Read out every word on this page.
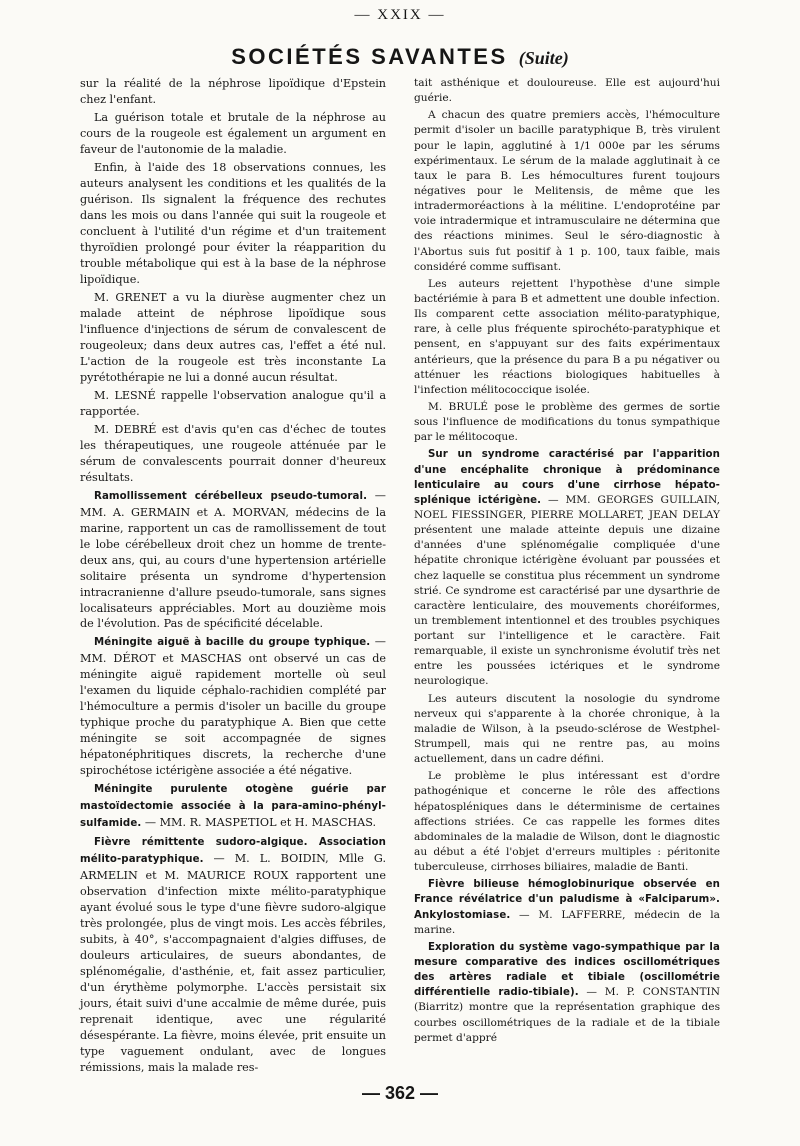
— XXIX —
SOCIÉTÉS SAVANTES (Suite)

sur la réalité de la néphrose lipoïdique d'Epstein chez l'enfant.

La guérison totale et brutale de la néphrose au cours de la rougeole est également un argument en faveur de l'autonomie de la maladie.

Enfin, à l'aide des 18 observations connues, les auteurs analysent les conditions et les qualités de la guérison. Ils signalent la fréquence des rechutes dans les mois ou dans l'année qui suit la rougeole et concluent à l'utilité d'un régime et d'un traitement thyroïdien prolongé pour éviter la réapparition du trouble métabolique qui est à la base de la néphrose lipoïdique.

M. GRENET a vu la diurèse augmenter chez un malade atteint de néphrose lipoïdique sous l'influence d'injections de sérum de convalescent de rougeoleux; dans deux autres cas, l'effet a été nul. L'action de la rougeole est très inconstante La pyrétothérapie ne lui a donné aucun résultat.

M. LESNÉ rappelle l'observation analogue qu'il a rapportée.

M. DEBRÉ est d'avis qu'en cas d'échec de toutes les thérapeutiques, une rougeole atténuée par le sérum de convalescents pourrait donner d'heureux résultats.

Ramollissement cérébelleux pseudo-tumoral. — MM. A. GERMAIN et A. MORVAN, médecins de la marine, rapportent un cas de ramollissement de tout le lobe cérébelleux droit chez un homme de trente-deux ans, qui, au cours d'une hypertension artérielle solitaire présenta un syndrome d'hypertension intracranienne d'allure pseudo-tumorale, sans signes localisateurs appréciables. Mort au douzième mois de l'évolution. Pas de spécificité décelable.

Méningite aiguë à bacille du groupe typhique. — MM. DÉROT et MASCHAS ont observé un cas de méningite aiguë rapidement mortelle où seul l'examen du liquide céphalo-rachidien complété par l'hémoculture a permis d'isoler un bacille du groupe typhique proche du paratyphique A. Bien que cette méningite se soit accompagnée de signes hépatonéphritiques discrets, la recherche d'une spirochétose ictérigène associée a été négative.

Méningite purulente otogène guérie par mastoïdectomie associée à la para-amino-phényl-sulfamide. — MM. R. MASPETIOL et H. MASCHAS.

Fièvre rémittente sudoro-algique. Association mélito-paratyphique. — M. L. BOIDIN, Mlle G. ARMELIN et M. MAURICE ROUX rapportent une observation d'infection mixte mélito-paratyphique ayant évolué sous le type d'une fièvre sudoro-algique très prolongée, plus de vingt mois. Les accès fébriles, subits, à 40°, s'accompagnaient d'algies diffuses, de douleurs articulaires, de sueurs abondantes, de splénomégalie, d'asthénie, et, fait assez particulier, d'un érythème polymorphe. L'accès persistait six jours, était suivi d'une accalmie de même durée, puis reprenait identique, avec une régularité désespérante. La fièvre, moins élevée, prit ensuite un type vaguement ondulant, avec de longues rémissions, mais la malade res-

tait asthénique et douloureuse. Elle est aujourd'hui guérie.

A chacun des quatre premiers accès, l'hémoculture permit d'isoler un bacille paratyphique B, très virulent pour le lapin, agglutiné à 1/1 000e par les sérums expérimentaux. Le sérum de la malade agglutinait à ce taux le para B. Les hémocultures furent toujours négatives pour le Melitensis, de même que les intradermoréactions à la mélitine. L'endoprotéine par voie intradermique et intramusculaire ne détermina que des réactions minimes. Seul le séro-diagnostic à l'Abortus suis fut positif à 1 p. 100, taux faible, mais considéré comme suffisant.

Les auteurs rejettent l'hypothèse d'une simple bactériémie à para B et admettent une double infection. Ils comparent cette association mélito-paratyphique, rare, à celle plus fréquente spirochéto-paratyphique et pensent, en s'appuyant sur des faits expérimentaux antérieurs, que la présence du para B a pu négativer ou atténuer les réactions biologiques habituelles à l'infection mélitococcique isolée.

M. BRULÉ pose le problème des germes de sortie sous l'influence de modifications du tonus sympathique par le mélitocoque.

Sur un syndrome caractérisé par l'apparition d'une encéphalite chronique à prédominance lenticulaire au cours d'une cirrhose hépato-splénique ictérigène. — MM. GEORGES GUILLAIN, NOEL FIESSINGER, PIERRE MOLLARET, JEAN DELAY présentent une malade atteinte depuis une dizaine d'années d'une splénomégalie compliquée d'une hépatite chronique ictérigène évoluant par poussées et chez laquelle se constitua plus récemment un syndrome strié. Ce syndrome est caractérisé par une dysarthrie de caractère lenticulaire, des mouvements choréiformes, un tremblement intentionnel et des troubles psychiques portant sur l'intelligence et le caractère. Fait remarquable, il existe un synchronisme évolutif très net entre les poussées ictériques et le syndrome neurologique.

Les auteurs discutent la nosologie du syndrome nerveux qui s'apparente à la chorée chronique, à la maladie de Wilson, à la pseudo-sclérose de Westphel-Strumpell, mais qui ne rentre pas, au moins actuellement, dans un cadre défini.

Le problème le plus intéressant est d'ordre pathogénique et concerne le rôle des affections hépatospléniques dans le déterminisme de certaines affections striées. Ce cas rappelle les formes dites abdominales de la maladie de Wilson, dont le diagnostic au début a été l'objet d'erreurs multiples : péritonite tuberculeuse, cirrhoses biliaires, maladie de Banti.

Fièvre bilieuse hémoglobinurique observée en France révélatrice d'un paludisme à «Falciparum». Ankylostomiase. — M. LAFFERRE, médecin de la marine.

Exploration du système vago-sympathique par la mesure comparative des indices oscillométriques des artères radiale et tibiale (oscillométrie différentielle radio-tibiale). — M. P. CONSTANTIN (Biarritz) montre que la représentation graphique des courbes oscillométriques de la radiale et de la tibiale permet d'appré

— 362 —
